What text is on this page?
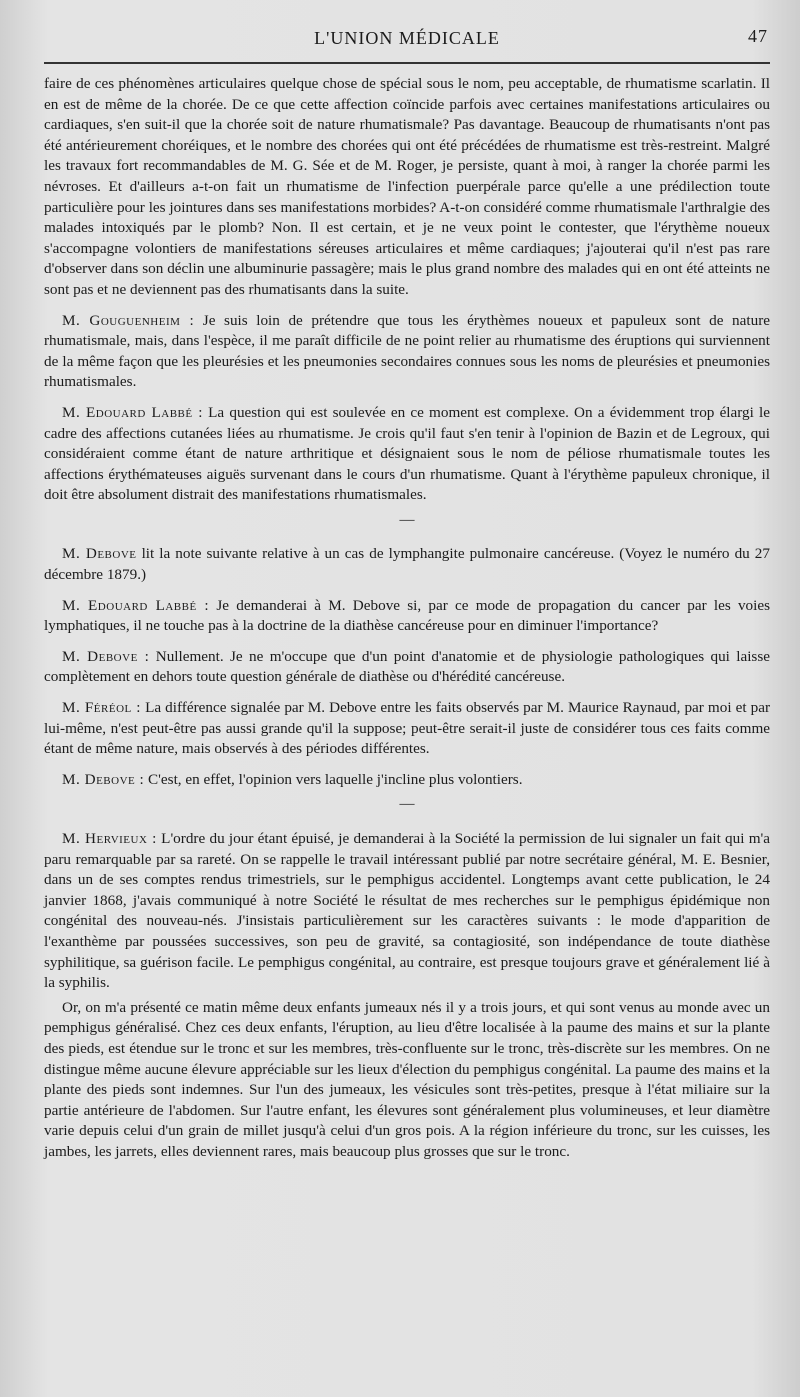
L'UNION MÉDICALE	47

faire de ces phénomènes articulaires quelque chose de spécial sous le nom, peu acceptable, de rhumatisme scarlatin. Il en est de même de la chorée. De ce que cette affection coïncide parfois avec certaines manifestations articulaires ou cardiaques, s'en suit-il que la chorée soit de nature rhumatismale? Pas davantage. Beaucoup de rhumatisants n'ont pas été antérieurement choréiques, et le nombre des chorées qui ont été précédées de rhumatisme est très-restreint. Malgré les travaux fort recommandables de M. G. Sée et de M. Roger, je persiste, quant à moi, à ranger la chorée parmi les névroses. Et d'ailleurs a-t-on fait un rhumatisme de l'infection puerpérale parce qu'elle a une prédilection toute particulière pour les jointures dans ses manifestations morbides? A-t-on considéré comme rhumatismale l'arthralgie des malades intoxiqués par le plomb? Non. Il est certain, et je ne veux point le contester, que l'érythème noueux s'accompagne volontiers de manifestations séreuses articulaires et même cardiaques; j'ajouterai qu'il n'est pas rare d'observer dans son déclin une albuminurie passagère; mais le plus grand nombre des malades qui en ont été atteints ne sont pas et ne deviennent pas des rhumatisants dans la suite.

M. Gouguenheim : Je suis loin de prétendre que tous les érythèmes noueux et papuleux sont de nature rhumatismale, mais, dans l'espèce, il me paraît difficile de ne point relier au rhumatisme des éruptions qui surviennent de la même façon que les pleurésies et les pneumonies secondaires connues sous les noms de pleurésies et pneumonies rhumatismales.

M. Edouard Labbé : La question qui est soulevée en ce moment est complexe. On a évidemment trop élargi le cadre des affections cutanées liées au rhumatisme. Je crois qu'il faut s'en tenir à l'opinion de Bazin et de Legroux, qui considéraient comme étant de nature arthritique et désignaient sous le nom de péliose rhumatismale toutes les affections érythémateuses aiguës survenant dans le cours d'un rhumatisme. Quant à l'érythème papuleux chronique, il doit être absolument distrait des manifestations rhumatismales.

—

M. Debove lit la note suivante relative à un cas de lymphangite pulmonaire cancéreuse. (Voyez le numéro du 27 décembre 1879.)

M. Edouard Labbé : Je demanderai à M. Debove si, par ce mode de propagation du cancer par les voies lymphatiques, il ne touche pas à la doctrine de la diathèse cancéreuse pour en diminuer l'importance?

M. Debove : Nullement. Je ne m'occupe que d'un point d'anatomie et de physiologie pathologiques qui laisse complètement en dehors toute question générale de diathèse ou d'hérédité cancéreuse.

M. Féréol : La différence signalée par M. Debove entre les faits observés par M. Maurice Raynaud, par moi et par lui-même, n'est peut-être pas aussi grande qu'il la suppose; peut-être serait-il juste de considérer tous ces faits comme étant de même nature, mais observés à des périodes différentes.

M. Debove : C'est, en effet, l'opinion vers laquelle j'incline plus volontiers.

—

M. Hervieux : L'ordre du jour étant épuisé, je demanderai à la Société la permission de lui signaler un fait qui m'a paru remarquable par sa rareté. On se rappelle le travail intéressant publié par notre secrétaire général, M. E. Besnier, dans un de ses comptes rendus trimestriels, sur le pemphigus accidentel. Longtemps avant cette publication, le 24 janvier 1868, j'avais communiqué à notre Société le résultat de mes recherches sur le pemphigus épidémique non congénital des nouveau-nés. J'insistais particulièrement sur les caractères suivants : le mode d'apparition de l'exanthème par poussées successives, son peu de gravité, sa contagiosité, son indépendance de toute diathèse syphilitique, sa guérison facile. Le pemphigus congénital, au contraire, est presque toujours grave et généralement lié à la syphilis.

Or, on m'a présenté ce matin même deux enfants jumeaux nés il y a trois jours, et qui sont venus au monde avec un pemphigus généralisé. Chez ces deux enfants, l'éruption, au lieu d'être localisée à la paume des mains et sur la plante des pieds, est étendue sur le tronc et sur les membres, très-confluente sur le tronc, très-discrète sur les membres. On ne distingue même aucune élevure appréciable sur les lieux d'élection du pemphigus congénital. La paume des mains et la plante des pieds sont indemnes. Sur l'un des jumeaux, les vésicules sont très-petites, presque à l'état miliaire sur la partie antérieure de l'abdomen. Sur l'autre enfant, les élevures sont généralement plus volumineuses, et leur diamètre varie depuis celui d'un grain de millet jusqu'à celui d'un gros pois. A la région inférieure du tronc, sur les cuisses, les jambes, les jarrets, elles deviennent rares, mais beaucoup plus grosses que sur le tronc.
